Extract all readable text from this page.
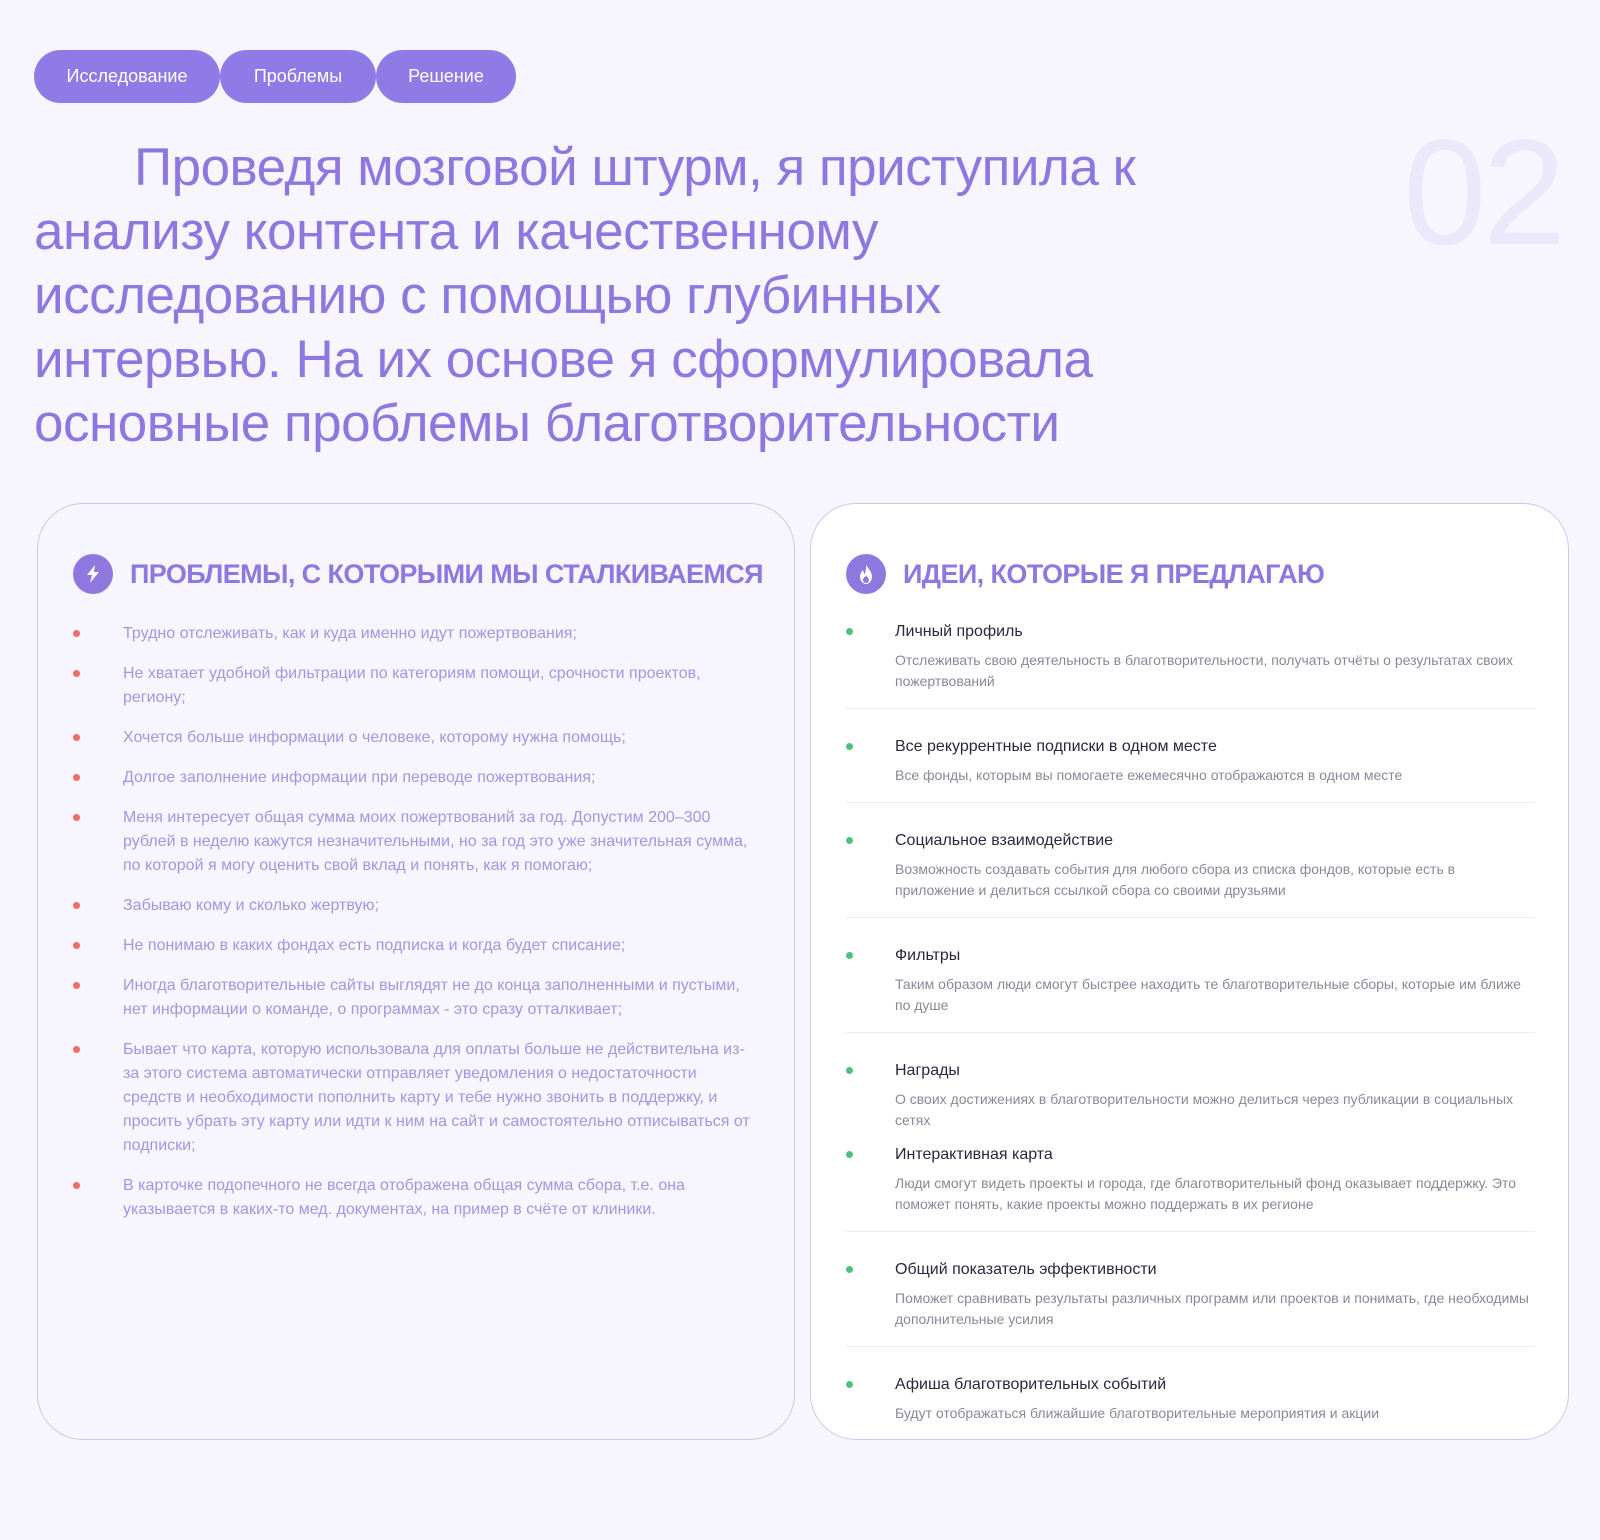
Исследование	Проблемы	Решение
Проведя мозговой штурм, я приступила к анализу контента и качественному исследованию с помощью глубинных интервью. На их основе я сформулировала основные проблемы благотворительности
02
ПРОБЛЕМЫ, С КОТОРЫМИ МЫ СТАЛКИВАЕМСЯ
Трудно отслеживать, как и куда именно идут пожертвования;
Не хватает удобной фильтрации по категориям помощи, срочности проектов, региону;
Хочется больше информации о человеке, которому нужна помощь;
Долгое заполнение информации при переводе пожертвования;
Меня интересует общая сумма моих пожертвований за год. Допустим 200–300 рублей в неделю кажутся незначительными, но за год это уже значительная сумма, по которой я могу оценить свой вклад и понять, как я помогаю;
Забываю кому и сколько жертвую;
Не понимаю в каких фондах есть подписка и когда будет списание;
Иногда благотворительные сайты выглядят не до конца заполненными и пустыми, нет информации о команде, о программах - это сразу отталкивает;
Бывает что карта, которую использовала для оплаты больше не действительна из-за этого система автоматически отправляет уведомления о недостаточности средств и необходимости пополнить карту и тебе нужно звонить в поддержку, и просить убрать эту карту или идти к ним на сайт и самостоятельно отписываться от подписки;
В карточке подопечного не всегда отображена общая сумма сбора, т.е. она указывается в каких-то мед. документах, на пример в счёте от клиники.
ИДЕИ, КОТОРЫЕ Я ПРЕДЛАГАЮ
Личный профиль
Отслеживать свою деятельность в благотворительности, получать отчёты о результатах своих пожертвований
Все рекуррентные подписки в одном месте
Все фонды, которым вы помогаете ежемесячно отображаются в одном месте
Социальное взаимодействие
Возможность создавать события для любого сбора из списка фондов, которые есть в приложение и делиться ссылкой сбора со своими друзьями
Фильтры
Таким образом люди смогут быстрее находить те благотворительные сборы, которые им ближе по душе
Награды
О своих достижениях в благотворительности можно делиться через публикации в социальных сетях
Интерактивная карта
Люди смогут видеть проекты и города, где благотворительный фонд оказывает поддержку. Это поможет понять, какие проекты можно поддержать в их регионе
Общий показатель эффективности
Поможет сравнивать результаты различных программ или проектов и понимать, где необходимы дополнительные усилия
Афиша благотворительных событий
Будут отображаться ближайшие благотворительные мероприятия и акции
